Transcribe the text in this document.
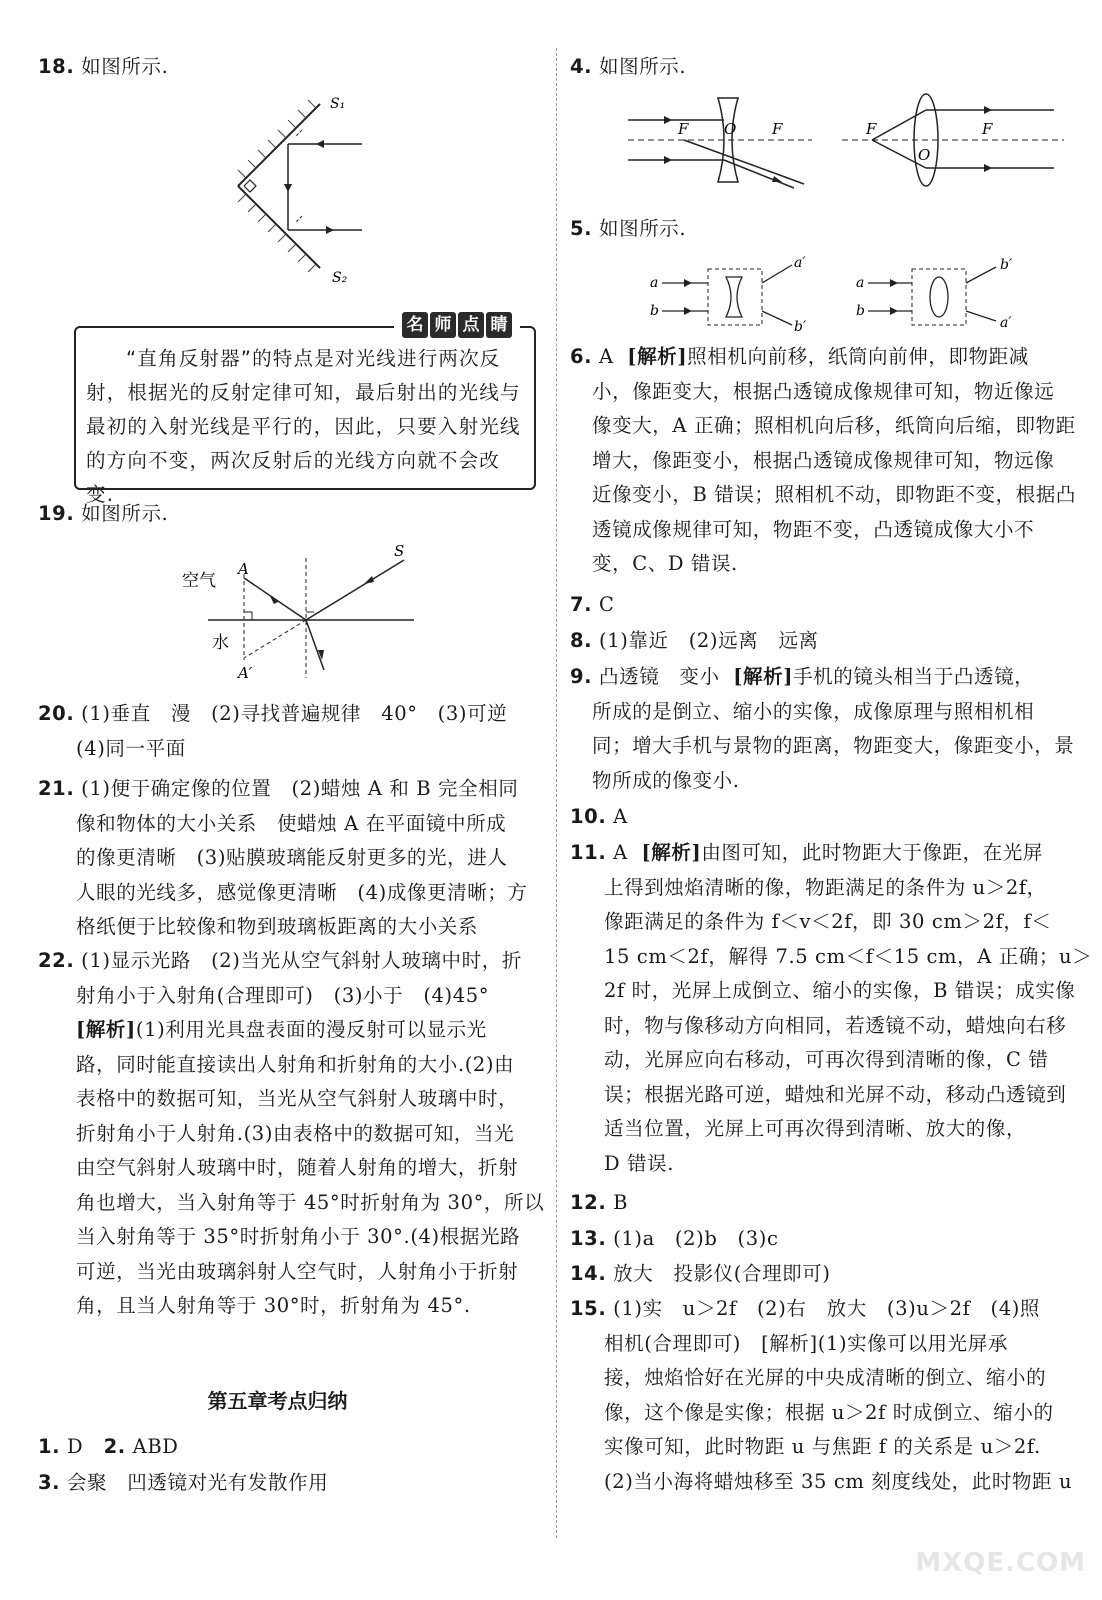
18. 如图所示.
S₁
S₂
名 师 点 睛
“直角反射器”的特点是对光线进行两次反
射，根据光的反射定律可知，最后射出的光线与
最初的入射光线是平行的，因此，只要入射光线
的方向不变，两次反射后的光线方向就不会改变.
19. 如图所示.
空气
水
A
A′
S
20. (1)垂直　漫　(2)寻找普遍规律　40°　(3)可逆
(4)同一平面
21. (1)便于确定像的位置　(2)蜡烛 A 和 B 完全相同
像和物体的大小关系　使蜡烛 A 在平面镜中所成
的像更清晰　(3)贴膜玻璃能反射更多的光，进人
人眼的光线多，感觉像更清晰　(4)成像更清晰；方
格纸便于比较像和物到玻璃板距离的大小关系
22. (1)显示光路　(2)当光从空气斜射人玻璃中时，折
射角小于入射角(合理即可)　(3)小于　(4)45°
[解析](1)利用光具盘表面的漫反射可以显示光
路，同时能直接读出人射角和折射角的大小.(2)由
表格中的数据可知，当光从空气斜射人玻璃中时，
折射角小于人射角.(3)由表格中的数据可知，当光
由空气斜射人玻璃中时，随着人射角的增大，折射
角也增大，当入射角等于 45°时折射角为 30°，所以
当入射角等于 35°时折射角小于 30°.(4)根据光路
可逆，当光由玻璃斜射人空气时，人射角小于折射
角，且当人射角等于 30°时，折射角为 45°.
第五章考点归纳
1. D 2. ABD
3. 会聚　凹透镜对光有发散作用
4. 如图所示.
F O F	F
O
F
5. 如图所示.
a
b
a′
b′
a
b
b′
a′
6. A [解析]照相机向前移，纸筒向前伸，即物距减
小，像距变大，根据凸透镜成像规律可知，物近像远
像变大，A 正确；照相机向后移，纸筒向后缩，即物距
增大，像距变小，根据凸透镜成像规律可知，物远像
近像变小，B 错误；照相机不动，即物距不变，根据凸
透镜成像规律可知，物距不变，凸透镜成像大小不
变，C、D 错误.
7. C
8. (1)靠近　(2)远离　远离
9. 凸透镜　变小 [解析]手机的镜头相当于凸透镜，
所成的是倒立、缩小的实像，成像原理与照相机相
同；增大手机与景物的距离，物距变大，像距变小，景
物所成的像变小.
10. A
11. A [解析]由图可知，此时物距大于像距，在光屏
上得到烛焰清晰的像，物距满足的条件为 u＞2f，
像距满足的条件为 f＜v＜2f，即 30 cm＞2f，f＜
15 cm＜2f，解得 7.5 cm＜f＜15 cm，A 正确；u＞
2f 时，光屏上成倒立、缩小的实像，B 错误；成实像
时，物与像移动方向相同，若透镜不动，蜡烛向右移
动，光屏应向右移动，可再次得到清晰的像，C 错
误；根据光路可逆，蜡烛和光屏不动，移动凸透镜到
适当位置，光屏上可再次得到清晰、放大的像，
D 错误.
12. B
13. (1)a　(2)b　(3)c
14. 放大　投影仪(合理即可)
15. (1)实　u＞2f　(2)右　放大　(3)u＞2f　(4)照
相机(合理即可)　[解析](1)实像可以用光屏承
接，烛焰恰好在光屏的中央成清晰的倒立、缩小的
像，这个像是实像；根据 u＞2f 时成倒立、缩小的
实像可知，此时物距 u 与焦距 f 的关系是 u＞2f.
(2)当小海将蜡烛移至 35 cm 刻度线处，此时物距 u
MXQE.COM
